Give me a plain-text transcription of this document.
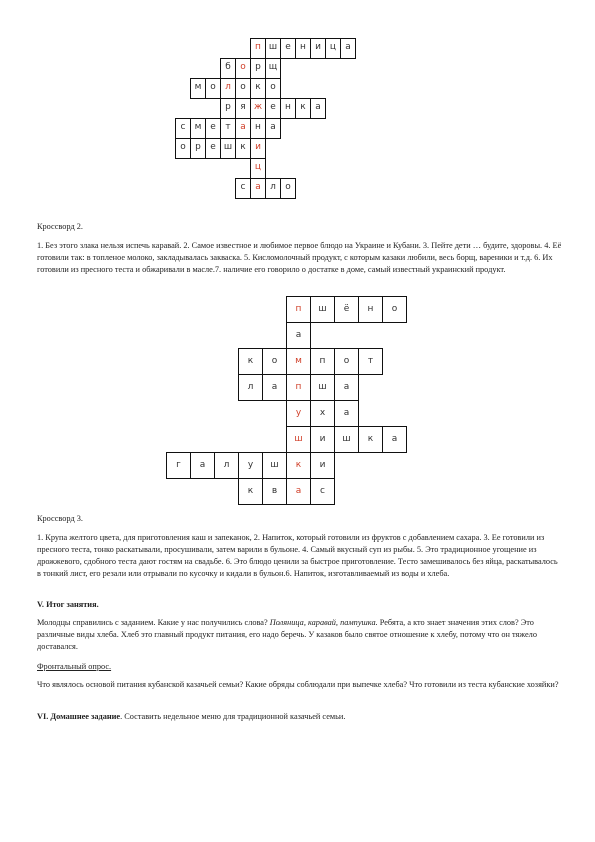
п ш е	н	и	ц	а
б	о	р щ
м о	л	о	к	о
р	я ж е	н	к	а
с	м е	т	а	н	а
о	р	е ш к	и
ц
с	а	л	о
Кроссворд 2.
1. Без этого злака нельзя испечь каравай. 2. Самое известное и любимое первое блюдо на Украине и Кубани. 3. Пейте дети … будите, здоровы. 4. Её готовили так: в топленое молоко, закладывалась закваска. 5. Кисломолочный продукт, с которым казаки любили, весь борщ, вареники и т.д. 6. Их готовили из пресного теста и обжаривали в масле.7. наличие его говорило о достатке в доме, самый известный украинский продукт.
п	ш	ё	н	о
а
к	о	м	п	о	т
л	а	п	ш	а
у	х	а
ш	и	ш	к	а
г	а	л	у	ш	к	и
к	в	а	с
Кроссворд 3.
1. Крупа желтого цвета, для приготовления каш и запеканок, 2. Напиток, который готовили из фруктов с добавлением сахара. 3. Ее готовили из пресного теста, тонко раскатывали, просушивали, затем варили в бульоне. 4. Самый вкусный суп из рыбы. 5. Это традиционное угощение из дрожжевого, сдобного теста дают гостям на свадьбе. 6. Это блюдо ценили за быстрое приготовление. Тесто замешивалось без яйца, раскатывалось в тонкий лист, его резали или отрывали по кусочку и кидали в бульон.6. Напиток, изготавливаемый из воды и хлеба.
V. Итог занятия.
Молодцы справились с заданием. Какие у нас получились слова? Поляница, каравай, пампушка. Ребята, а кто знает значения этих слов? Это различные виды хлеба. Хлеб это главный продукт питания, его надо беречь. У казаков было святое отношение к хлебу, потому что он тяжело доставался.
Фронтальный опрос.
Что являлось основой питания кубанской казачьей семьи? Какие обряды соблюдали при выпечке хлеба? Что готовили из теста кубанские хозяйки?
VI. Домашнее задание. Составить недельное меню для традиционной казачьей семьи.
